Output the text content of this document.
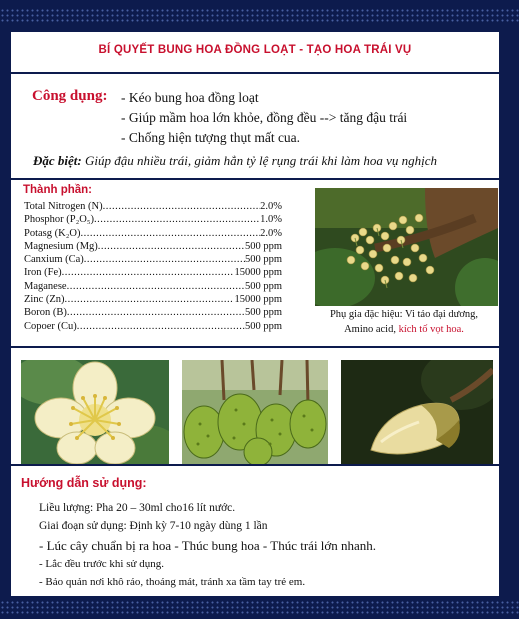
BÍ QUYẾT BUNG HOA ĐỒNG LOẠT - TẠO HOA TRÁI VỤ
Công dụng: - Kéo bung hoa đồng loạt
- Giúp mầm hoa lớn khỏe, đồng đều --> tăng đậu trái
- Chống hiện tượng thụt mất cua.
Đặc biệt: Giúp đậu nhiều trái, giảm hẳn tỷ lệ rụng trái khi làm hoa vụ nghịch
Thành phần:
Total Nitrogen (N) .....	2.0%
Phosphor (P₂O₅) .....	1.0%
Potasg (K₂O) .....	2.0%
Magnesium (Mg) .....	500 ppm
Canxium (Ca) .....	500 ppm
Iron (Fe) .....	15000 ppm
Maganese .....	500 ppm
Zinc (Zn) .....	15000 ppm
Boron (B) .....	500 ppm
Copoer (Cu) .....	500 ppm
Phụ gia đặc hiệu: Vi tảo đại dương,
Amino acid, kích tố vọt hoa.
Hướng dẫn sử dụng:
Liều lượng: Pha 20 – 30ml cho16 lít nước.
Giai đoạn sử dụng: Định kỳ 7-10 ngày dùng 1 lần
- Lúc cây chuẩn bị ra hoa - Thúc bung hoa - Thúc trái lớn nhanh.
- Lắc đều trước khi sử dụng.
- Bảo quản nơi khô ráo, thoáng mát, tránh xa tầm tay trẻ em.
